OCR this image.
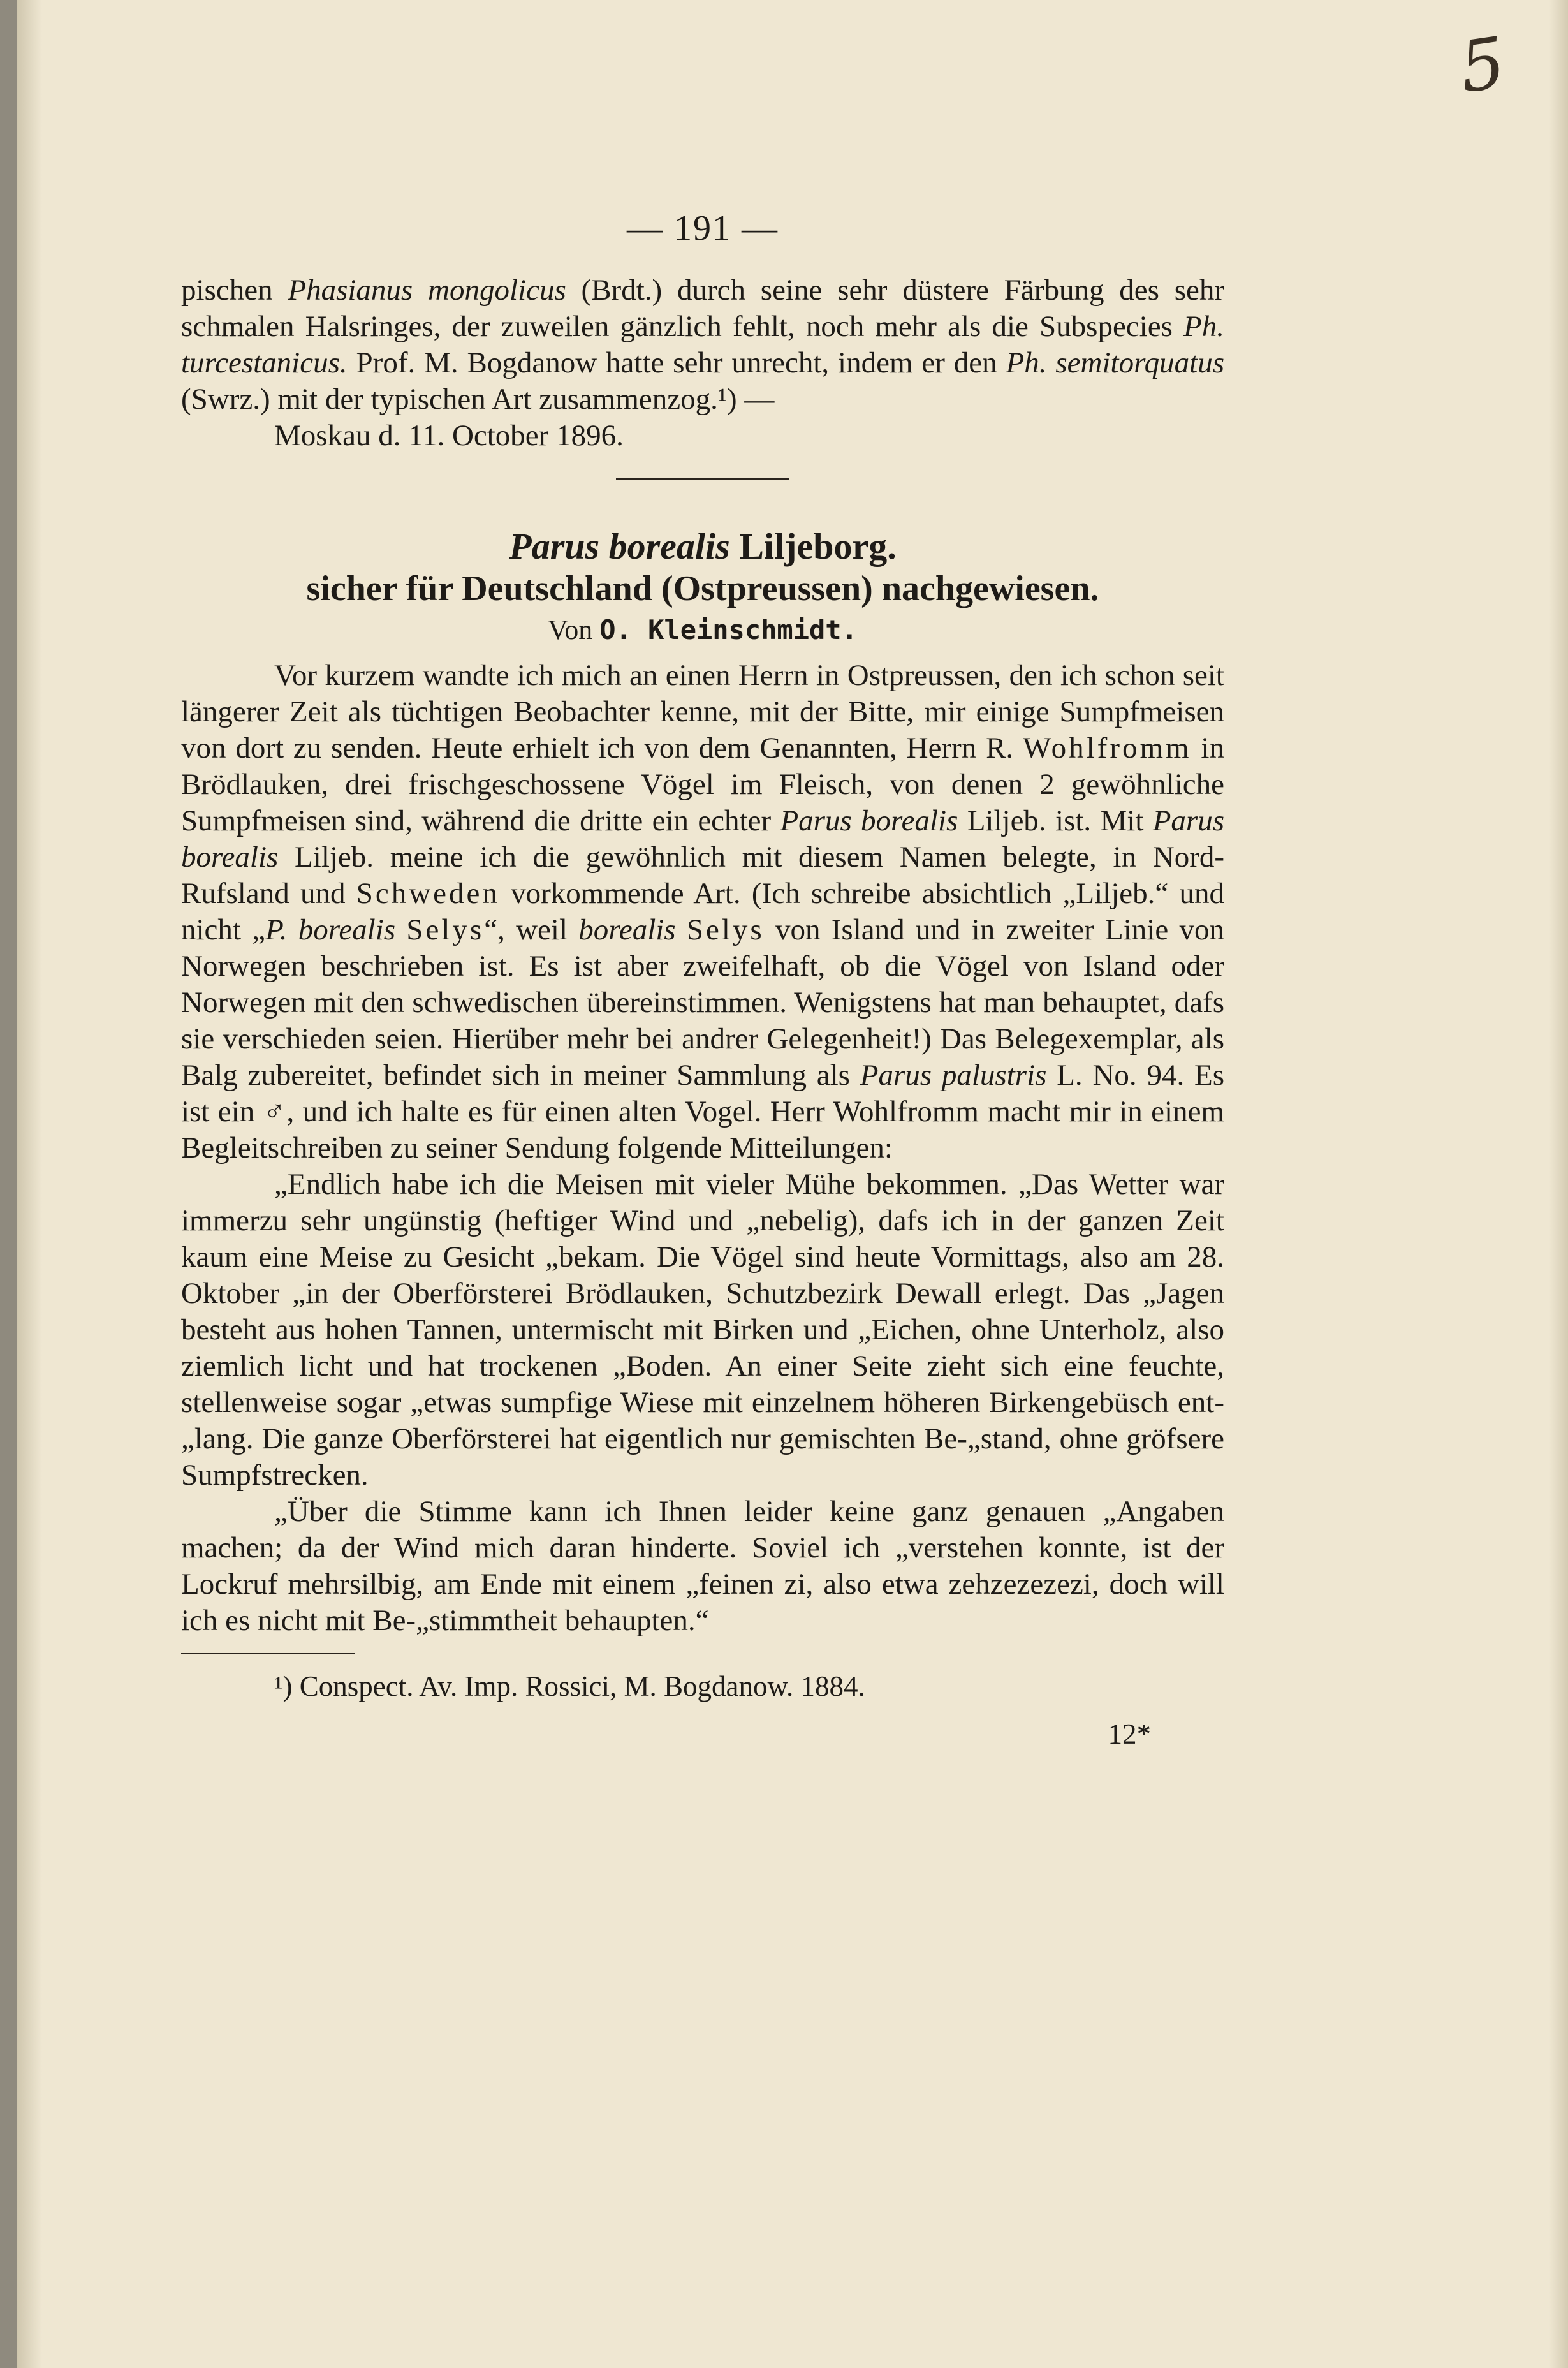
5
— 191 —

pischen Phasianus mongolicus (Brdt.) durch seine sehr düstere Färbung des sehr schmalen Halsringes, der zuweilen gänzlich fehlt, noch mehr als die Subspecies Ph. turcestanicus. Prof. M. Bogdanow hatte sehr unrecht, indem er den Ph. semitorquatus (Swrz.) mit der typischen Art zusammenzog.¹) —

Moskau d. 11. October 1896.

Parus borealis Liljeborg.
sicher für Deutschland (Ostpreussen) nachgewiesen.
Von O. Kleinschmidt.

Vor kurzem wandte ich mich an einen Herrn in Ostpreussen, den ich schon seit längerer Zeit als tüchtigen Beobachter kenne, mit der Bitte, mir einige Sumpfmeisen von dort zu senden. Heute erhielt ich von dem Genannten, Herrn R. Wohlfromm in Brödlauken, drei frischgeschossene Vögel im Fleisch, von denen 2 gewöhnliche Sumpfmeisen sind, während die dritte ein echter Parus borealis Liljeb. ist. Mit Parus borealis Liljeb. meine ich die gewöhnlich mit diesem Namen belegte, in Nord-Rufsland und Schweden vorkommende Art. (Ich schreibe absichtlich „Liljeb.“ und nicht „P. borealis Selys“, weil borealis Selys von Island und in zweiter Linie von Norwegen beschrieben ist. Es ist aber zweifelhaft, ob die Vögel von Island oder Norwegen mit den schwedischen übereinstimmen. Wenigstens hat man behauptet, dafs sie verschieden seien. Hierüber mehr bei andrer Gelegenheit!) Das Belegexemplar, als Balg zubereitet, befindet sich in meiner Sammlung als Parus palustris L. No. 94. Es ist ein ♂, und ich halte es für einen alten Vogel. Herr Wohlfromm macht mir in einem Begleitschreiben zu seiner Sendung folgende Mitteilungen:

„Endlich habe ich die Meisen mit vieler Mühe bekommen. „Das Wetter war immerzu sehr ungünstig (heftiger Wind und „nebelig), dafs ich in der ganzen Zeit kaum eine Meise zu Gesicht „bekam. Die Vögel sind heute Vormittags, also am 28. Oktober „in der Oberförsterei Brödlauken, Schutzbezirk Dewall erlegt. Das „Jagen besteht aus hohen Tannen, untermischt mit Birken und „Eichen, ohne Unterholz, also ziemlich licht und hat trockenen „Boden. An einer Seite zieht sich eine feuchte, stellenweise sogar „etwas sumpfige Wiese mit einzelnem höheren Birkengebüsch ent-„lang. Die ganze Oberförsterei hat eigentlich nur gemischten Be-„stand, ohne gröfsere Sumpfstrecken.

„Über die Stimme kann ich Ihnen leider keine ganz genauen „Angaben machen; da der Wind mich daran hinderte. Soviel ich „verstehen konnte, ist der Lockruf mehrsilbig, am Ende mit einem „feinen zi, also etwa zehzezezezi, doch will ich es nicht mit Be-„stimmtheit behaupten.“

¹) Conspect. Av. Imp. Rossici, M. Bogdanow. 1884.

12*
